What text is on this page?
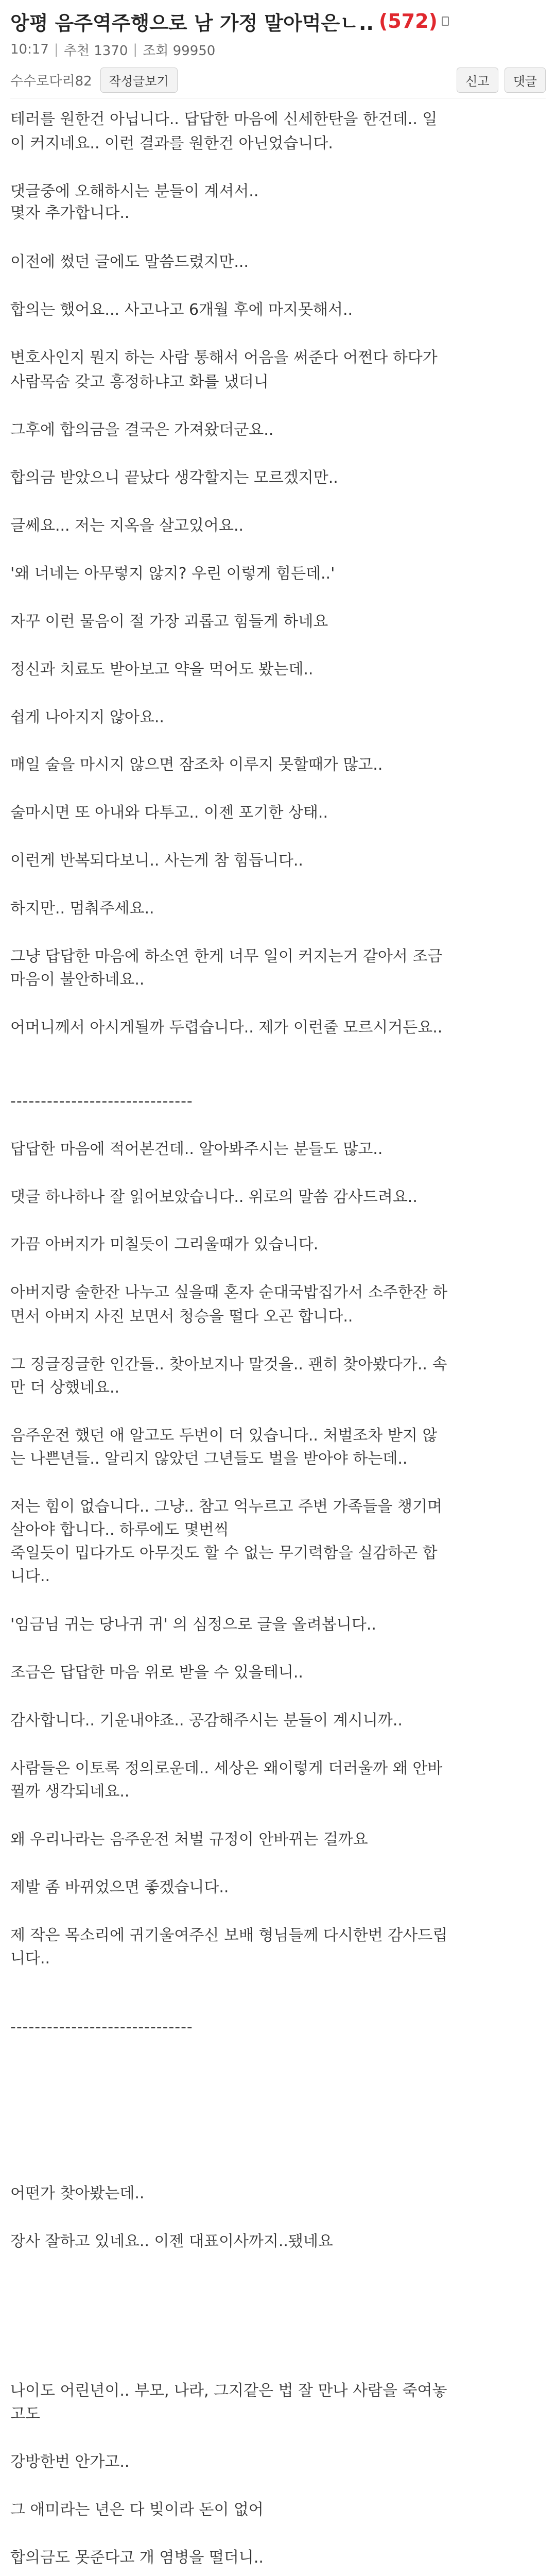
앙평 음주역주행으로 남 가정 말아먹은ㄴ.. (572)
10:17 | 추천 1370 | 조회 99950
수수로다리82	작성글보기	신고	댓글
테러를 원한건 아닙니다.. 답답한 마음에 신세한탄을 한건데.. 일
이 커지네요.. 이런 결과를 원한건 아닌었습니다.
댓글중에 오해하시는 분들이 계셔서..
몇자 추가합니다..
이전에 썼던 글에도 말씀드렸지만...
합의는 했어요... 사고나고 6개월 후에 마지못해서..
변호사인지 뭔지 하는 사람 통해서 어음을 써준다 어쩐다 하다가
사람목숨 갖고 흥정하냐고 화를 냈더니
그후에 합의금을 결국은 가져왔더군요..
합의금 받았으니 끝났다 생각할지는 모르겠지만..
글쎄요... 저는 지옥을 살고있어요..
'왜 너네는 아무렇지 않지? 우린 이렇게 힘든데..'
자꾸 이런 물음이 절 가장 괴롭고 힘들게 하네요
정신과 치료도 받아보고 약을 먹어도 봤는데..
쉽게 나아지지 않아요..
매일 술을 마시지 않으면 잠조차 이루지 못할때가 많고..
술마시면 또 아내와 다투고.. 이젠 포기한 상태..
이런게 반복되다보니.. 사는게 참 힘듭니다..
하지만.. 멈춰주세요..
그냥 답답한 마음에 하소연 한게 너무 일이 커지는거 같아서 조금
마음이 불안하네요..
어머니께서 아시게될까 두렵습니다.. 제가 이런줄 모르시거든요..
------------------------------
답답한 마음에 적어본건데.. 알아봐주시는 분들도 많고..
댓글 하나하나 잘 읽어보았습니다.. 위로의 말씀 감사드려요..
가끔 아버지가 미칠듯이 그리울때가 있습니다.
아버지랑 술한잔 나누고 싶을때 혼자 순대국밥집가서 소주한잔 하
면서 아버지 사진 보면서 청승을 떨다 오곤 합니다..
그 징글징글한 인간들.. 찾아보지나 말것을.. 괜히 찾아봤다가.. 속
만 더 상했네요..
음주운전 했던 애 알고도 두번이 더 있습니다.. 처벌조차 받지 않
는 나쁜년들.. 알리지 않았던 그년들도 벌을 받아야 하는데..
저는 힘이 없습니다.. 그냥.. 참고 억누르고 주변 가족들을 챙기며
살아야 합니다.. 하루에도 몇번씩
죽일듯이 밉다가도 아무것도 할 수 없는 무기력함을 실감하곤 합
니다..
'임금님 귀는 당나귀 귀' 의 심정으로 글을 올려봅니다..
조금은 답답한 마음 위로 받을 수 있을테니..
감사합니다.. 기운내야죠.. 공감해주시는 분들이 계시니까..
사람들은 이토록 정의로운데.. 세상은 왜이렇게 더러울까 왜 안바
뀔까 생각되네요..
왜 우리나라는 음주운전 처벌 규정이 안바뀌는 걸까요
제발 좀 바뀌었으면 좋겠습니다..
제 작은 목소리에 귀기울여주신 보배 형님들께 다시한번 감사드립
니다..
------------------------------
어떤가 찾아봤는데..
장사 잘하고 있네요.. 이젠 대표이사까지..됐네요
나이도 어린년이.. 부모, 나라, 그지같은 법 잘 만나 사람을 죽여놓
고도
강방한번 안가고..
그 애미라는 년은 다 빚이라 돈이 없어
합의금도 못준다고 개 염병을 떨더니..
